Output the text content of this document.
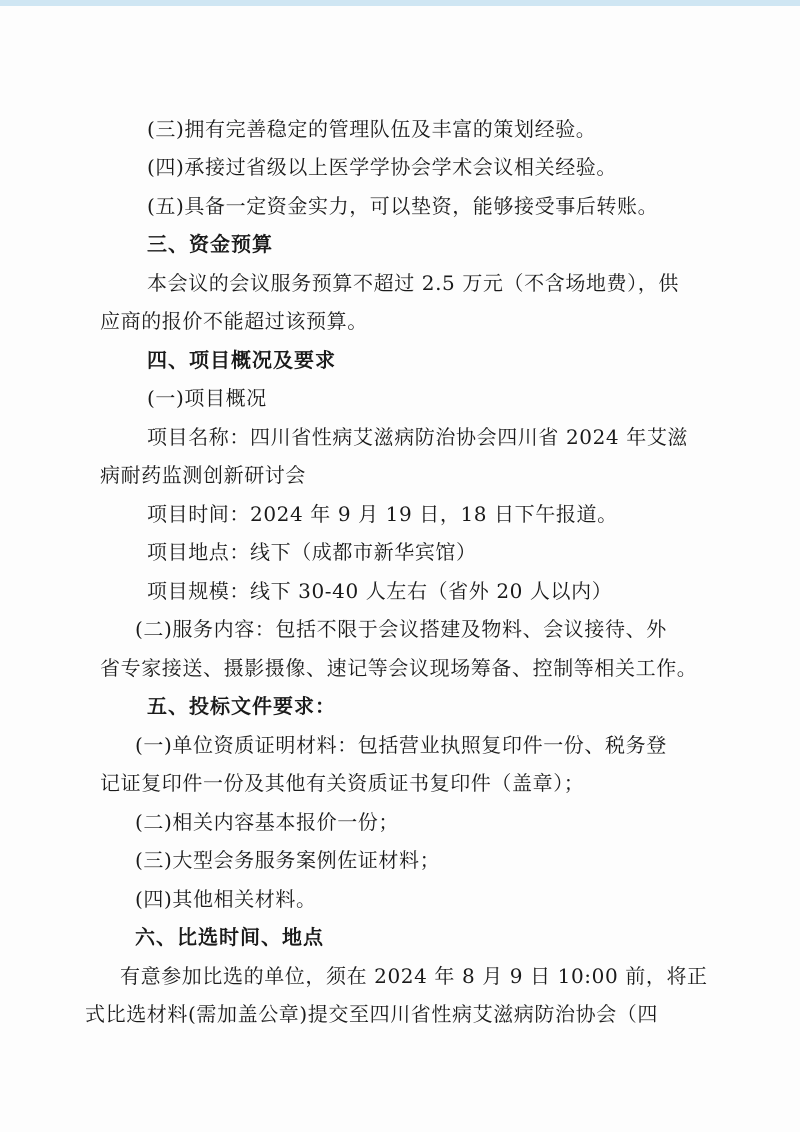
(三)拥有完善稳定的管理队伍及丰富的策划经验。
(四)承接过省级以上医学学协会学术会议相关经验。
(五)具备一定资金实力，可以垫资，能够接受事后转账。
三、资金预算
本会议的会议服务预算不超过 2.5 万元（不含场地费），供
应商的报价不能超过该预算。
四、项目概况及要求
(一)项目概况
项目名称：四川省性病艾滋病防治协会四川省 2024 年艾滋
病耐药监测创新研讨会
项目时间：2024 年 9 月 19 日，18 日下午报道。
项目地点：线下（成都市新华宾馆）
项目规模：线下 30-40 人左右（省外 20 人以内）
(二)服务内容：包括不限于会议搭建及物料、会议接待、外
省专家接送、摄影摄像、速记等会议现场筹备、控制等相关工作。
五、投标文件要求：
(一)单位资质证明材料：包括营业执照复印件一份、税务登
记证复印件一份及其他有关资质证书复印件（盖章）；
(二)相关内容基本报价一份；
(三)大型会务服务案例佐证材料；
(四)其他相关材料。
六、比选时间、地点
有意参加比选的单位，须在 2024 年 8 月 9 日 10:00 前，将正
式比选材料(需加盖公章)提交至四川省性病艾滋病防治协会（四
